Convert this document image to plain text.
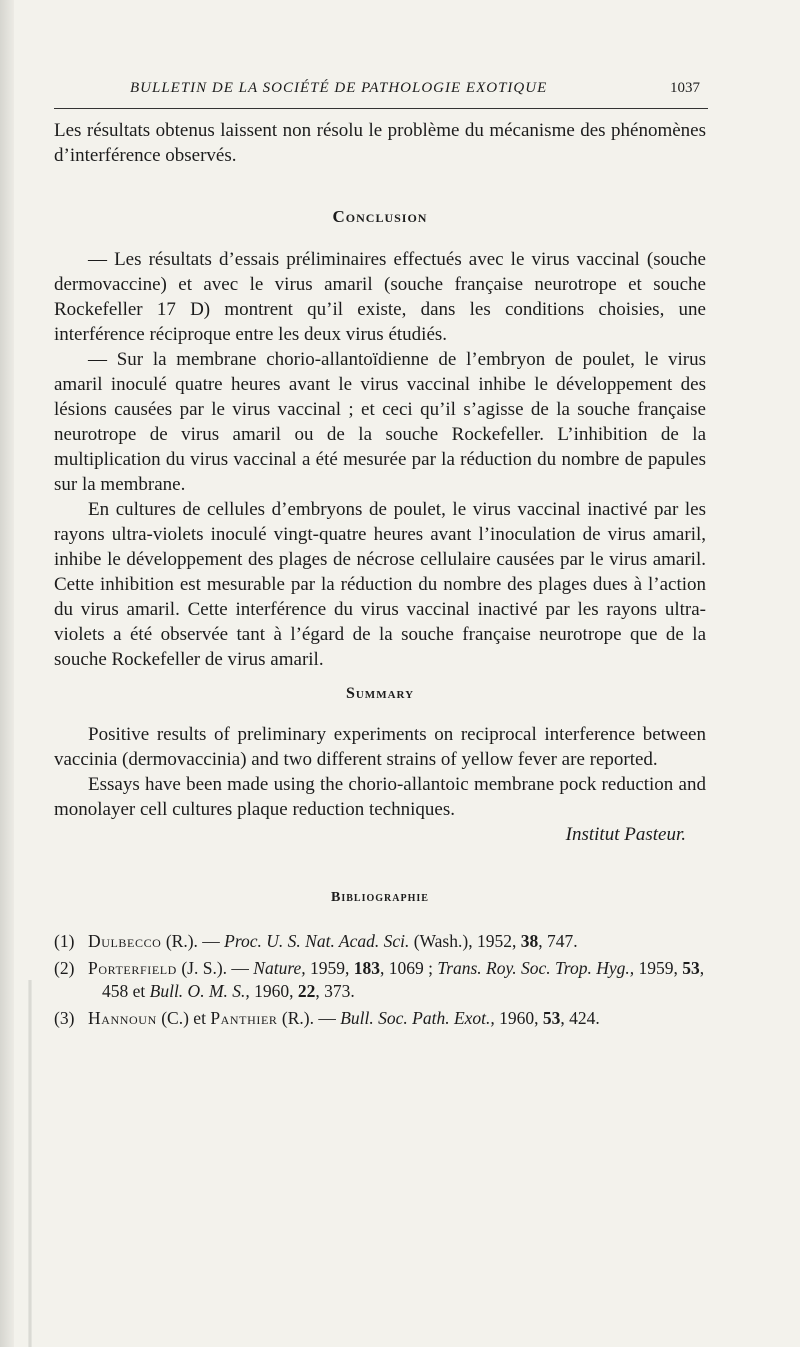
BULLETIN DE LA SOCIÉTÉ DE PATHOLOGIE EXOTIQUE	1037

Les résultats obtenus laissent non résolu le problème du mécanisme des phénomènes d’interférence observés.

Conclusion

— Les résultats d’essais préliminaires effectués avec le virus vaccinal (souche dermovaccine) et avec le virus amaril (souche française neurotrope et souche Rockefeller 17 D) montrent qu’il existe, dans les conditions choisies, une interférence réciproque entre les deux virus étudiés.

— Sur la membrane chorio-allantoïdienne de l’embryon de poulet, le virus amaril inoculé quatre heures avant le virus vaccinal inhibe le développement des lésions causées par le virus vaccinal ; et ceci qu’il s’agisse de la souche française neurotrope de virus amaril ou de la souche Rockefeller. L’inhibition de la multiplication du virus vaccinal a été mesurée par la réduction du nombre de papules sur la membrane.

En cultures de cellules d’embryons de poulet, le virus vaccinal inactivé par les rayons ultra-violets inoculé vingt-quatre heures avant l’inoculation de virus amaril, inhibe le développement des plages de nécrose cellulaire causées par le virus amaril. Cette inhibition est mesurable par la réduction du nombre des plages dues à l’action du virus amaril. Cette interférence du virus vaccinal inactivé par les rayons ultra-violets a été observée tant à l’égard de la souche française neurotrope que de la souche Rockefeller de virus amaril.

Summary

Positive results of preliminary experiments on reciprocal interference between vaccinia (dermovaccinia) and two different strains of yellow fever are reported.

Essays have been made using the chorio-allantoic membrane pock reduction and monolayer cell cultures plaque reduction techniques.

Institut Pasteur.

Bibliographie
(1) Dulbecco (R.). — Proc. U. S. Nat. Acad. Sci. (Wash.), 1952, 38, 747.
(2) Porterfield (J. S.). — Nature, 1959, 183, 1069 ; Trans. Roy. Soc. Trop. Hyg., 1959, 53, 458 et Bull. O. M. S., 1960, 22, 373.
(3) Hannoun (C.) et Panthier (R.). — Bull. Soc. Path. Exot., 1960, 53, 424.
